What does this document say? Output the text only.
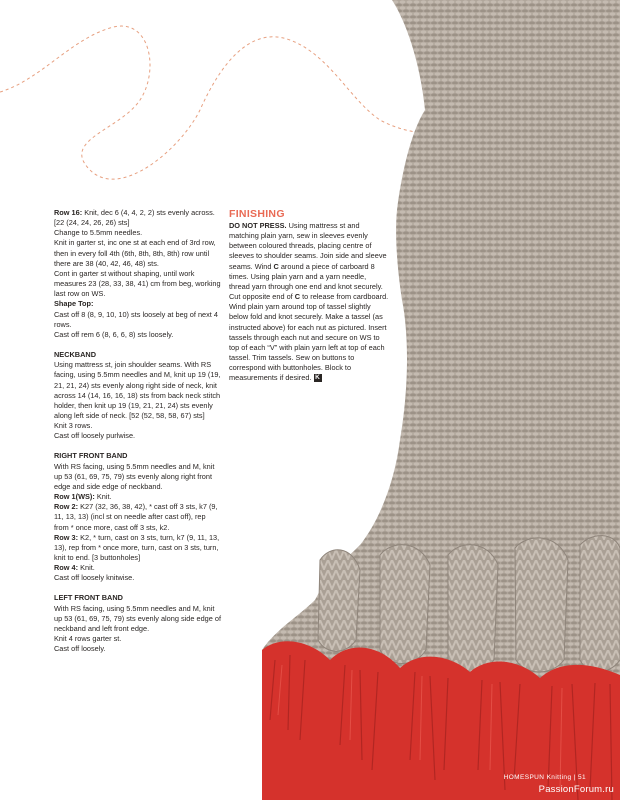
Row 16: Knit, dec 6 (4, 4, 2, 2) sts evenly across. [22 (24, 24, 26, 26) sts]

Change to 5.5mm needles.

Knit in garter st, inc one st at each end of 3rd row, then in every foll 4th (6th, 8th, 8th, 8th) row until there are 38 (40, 42, 46, 48) sts.

Cont in garter st without shaping, until work measures 23 (28, 33, 38, 41) cm from beg, working last row on WS.

Shape Top:

Cast off 8 (8, 9, 10, 10) sts loosely at beg of next 4 rows.

Cast off rem 6 (8, 6, 6, 8) sts loosely.

NECKBAND

Using mattress st, join shoulder seams. With RS facing, using 5.5mm needles and M, knit up 19 (19, 21, 21, 24) sts evenly along right side of neck, knit across 14 (14, 16, 16, 18) sts from back neck stitch holder, then knit up 19 (19, 21, 21, 24) sts evenly along left side of neck. [52 (52, 58, 58, 67) sts]

Knit 3 rows.

Cast off loosely purlwise.

RIGHT FRONT BAND

With RS facing, using 5.5mm needles and M, knit up 53 (61, 69, 75, 79) sts evenly along right front edge and side edge of neckband.

Row 1(WS): Knit.

Row 2: K27 (32, 36, 38, 42), * cast off 3 sts, k7 (9, 11, 13, 13) (incl st on needle after cast off), rep from * once more, cast off 3 sts, k2.

Row 3: K2, * turn, cast on 3 sts, turn, k7 (9, 11, 13, 13), rep from * once more, turn, cast on 3 sts, turn, knit to end. [3 buttonholes]

Row 4: Knit.

Cast off loosely knitwise.

LEFT FRONT BAND

With RS facing, using 5.5mm needles and M, knit up 53 (61, 69, 75, 79) sts evenly along side edge of neckband and left front edge.

Knit 4 rows garter st.

Cast off loosely.

FINISHING

DO NOT PRESS. Using mattress st and matching plain yarn, sew in sleeves evenly between coloured threads, placing centre of sleeves to shoulder seams. Join side and sleeve seams. Wind C around a piece of carboard 8 times. Using plain yarn and a yarn needle, thread yarn through one end and knot securely. Cut opposite end of C to release from cardboard. Wind plain yarn around top of tassel slightly below fold and knot securely. Make a tassel (as instructed above) for each nut as pictured. Insert tassels through each nut and secure on WS to top of each “V” with plain yarn left at top of each tassel. Trim tassels. Sew on buttons to correspond with buttonholes. Block to measurements if desired. K

HOMESPUN Knitting | 51
PassionForum.ru
